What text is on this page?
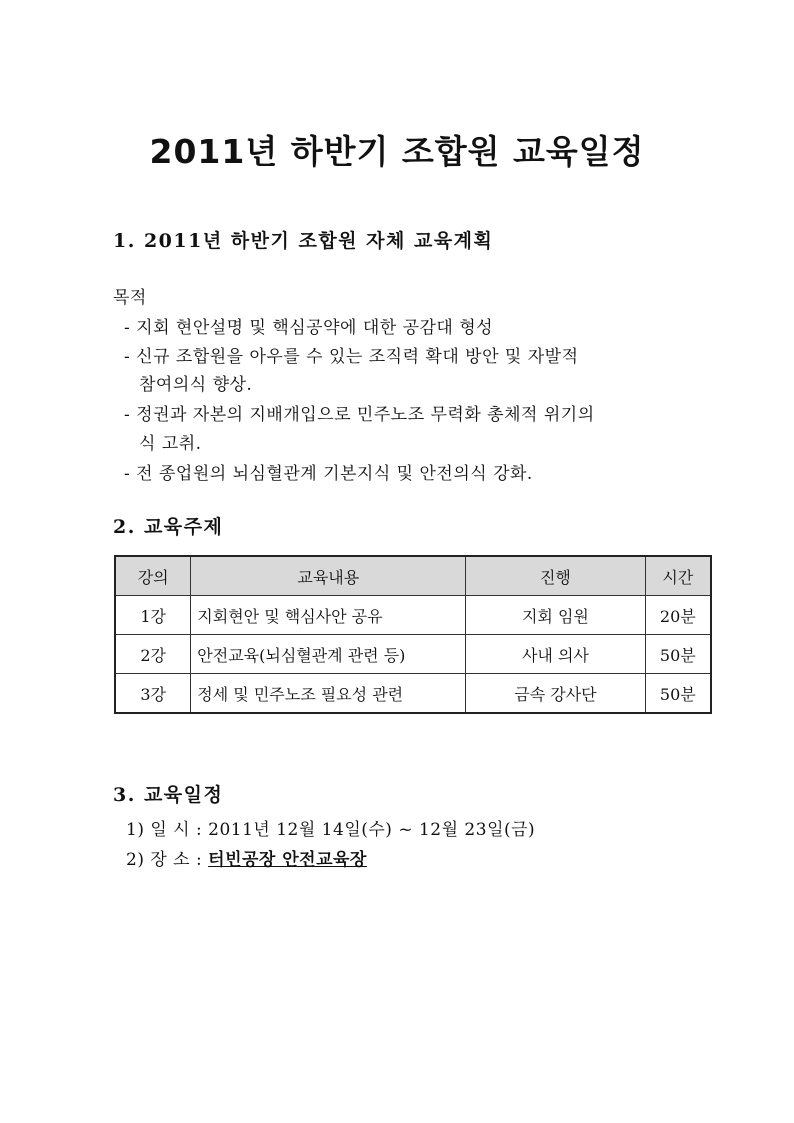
2011년 하반기 조합원 교육일정
1. 2011년 하반기 조합원 자체 교육계획
목적
- 지회 현안설명 및 핵심공약에 대한 공감대 형성
- 신규 조합원을 아우를 수 있는 조직력 확대 방안 및 자발적
참여의식 향상.
- 정권과 자본의 지배개입으로 민주노조 무력화 총체적 위기의
식 고취.
- 전 종업원의 뇌심혈관계 기본지식 및 안전의식 강화.
2. 교육주제
강의	교육내용	진행	시간
1강	지회현안 및 핵심사안 공유	지회 임원	20분
2강	안전교육(뇌심혈관계 관련 등)	사내 의사	50분
3강	정세 및 민주노조 필요성 관련	금속 강사단	50분
3. 교육일정
1) 일 시 : 2011년 12월 14일(수) ~ 12월 23일(금)
2) 장 소 : 터빈공장 안전교육장
